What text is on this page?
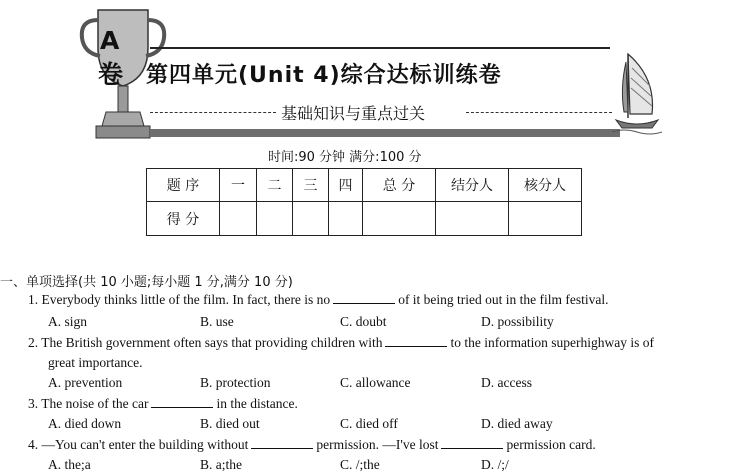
A
卷 第四单元(Unit 4)综合达标训练卷
基础知识与重点过关
时间:90 分钟 满分:100 分
题 序	一	二	三	四	总 分	结分人	核分人
得 分							
一、单项选择(共 10 小题;每小题 1 分,满分 10 分)
1. Everybody thinks little of the film. In fact, there is no	of it being tried out in the film festival.
A. sign	B. use	C. doubt	D. possibility
2. The British government often says that providing children with	to the information superhighway is of
great importance.
A. prevention	B. protection	C. allowance	D. access
3. The noise of the car	in the distance.
A. died down	B. died out	C. died off	D. died away
4. —You can't enter the building without	permission. —I've lost	permission card.
A. the;a	B. a;the	C. /;the	D. /;/
